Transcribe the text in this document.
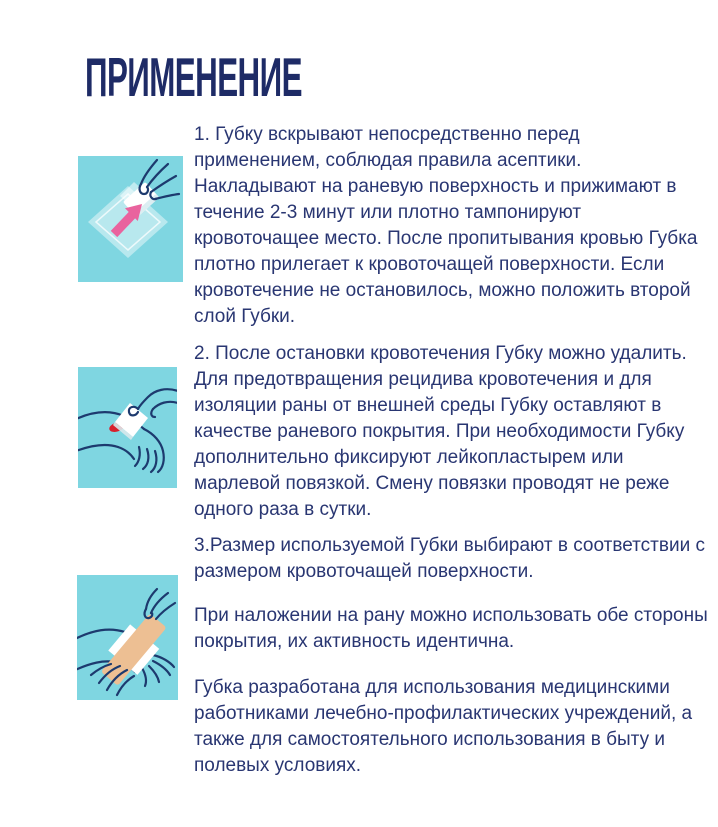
ПРИМЕНЕНИЕ

1. Губку вскрывают непосредственно перед применением, соблюдая правила асептики. Накладывают на раневую поверхность и прижимают в течение 2-3 минут или плотно тампонируют кровоточащее место. После пропитывания кровью Губка плотно прилегает к кровоточащей поверхности. Если кровотечение не остановилось, можно положить второй слой Губки.

2. После остановки кровотечения Губку можно удалить. Для предотвращения рецидива кровотечения и для изоляции раны от внешней среды Губку оставляют в качестве раневого покрытия. При необходимости Губку дополнительно фиксируют лейкопластырем или марлевой повязкой. Смену повязки проводят не реже одного раза в сутки.

3.Размер используемой Губки выбирают в соответствии с размером кровоточащей поверхности.

При наложении на рану можно использовать обе стороны покрытия, их активность идентична.

Губка разработана для использования медицинскими работниками лечебно-профилактических учреждений, а также для самостоятельного использования в быту и полевых условиях.
